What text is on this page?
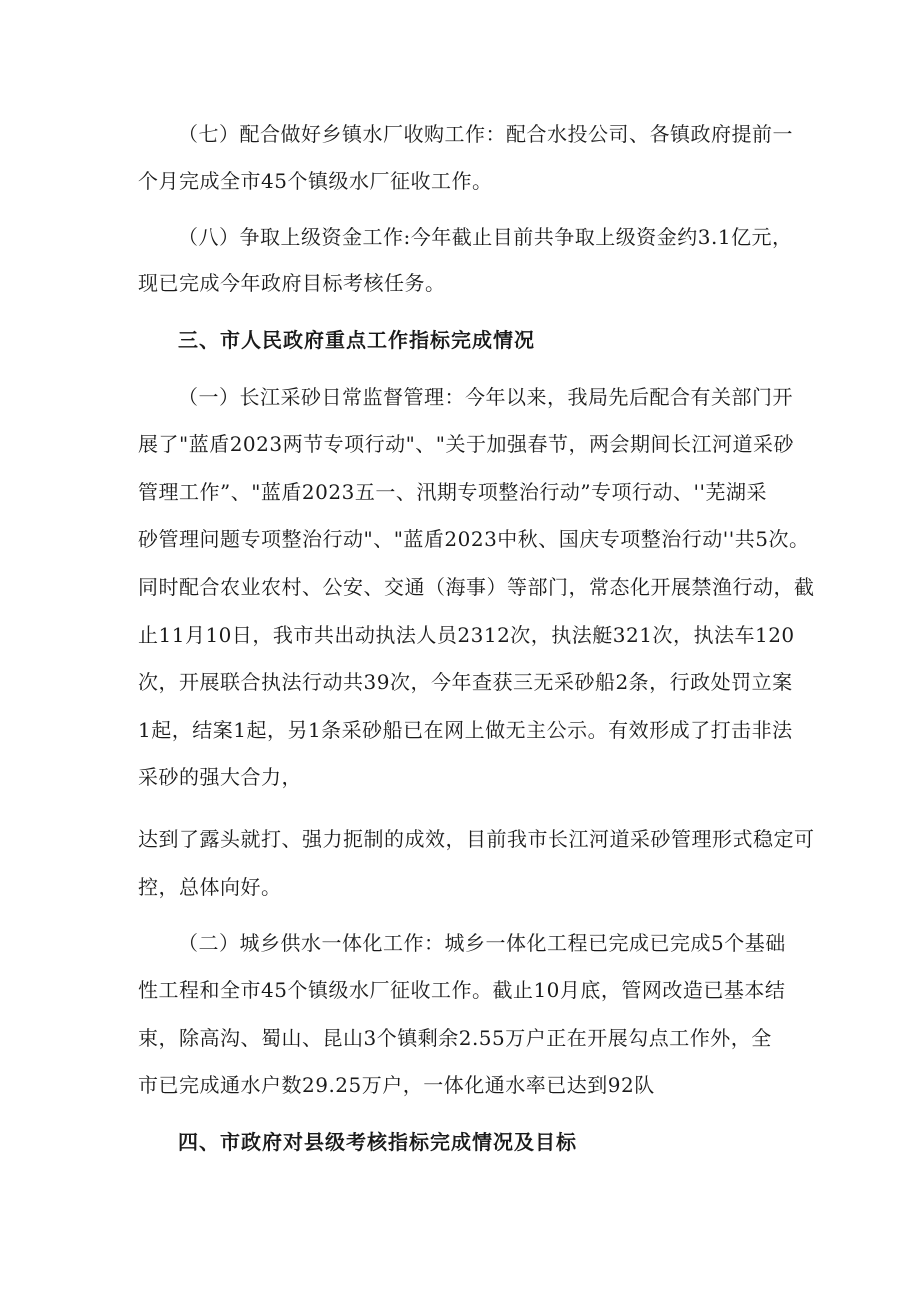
（七）配合做好乡镇水厂收购工作：配合水投公司、各镇政府提前一
个月完成全市45个镇级水厂征收工作。
（八）争取上级资金工作:今年截止目前共争取上级资金约3.1亿元，
现已完成今年政府目标考核任务。
三、市人民政府重点工作指标完成情况
（一）长江采砂日常监督管理：今年以来，我局先后配合有关部门开
展了"蓝盾2023两节专项行动"、"关于加强春节，两会期间长江河道采砂
管理工作”、"蓝盾2023五一、汛期专项整治行动”专项行动、''芜湖采
砂管理问题专项整治行动"、"蓝盾2023中秋、国庆专项整治行动''共5次。
同时配合农业农村、公安、交通（海事）等部门，常态化开展禁渔行动，截
止11月10日，我市共出动执法人员2312次，执法艇321次，执法车120
次，开展联合执法行动共39次，今年查获三无采砂船2条，行政处罚立案
1起，结案1起，另1条采砂船已在网上做无主公示。有效形成了打击非法
采砂的强大合力，
达到了露头就打、强力扼制的成效，目前我市长江河道采砂管理形式稳定可
控，总体向好。
（二）城乡供水一体化工作：城乡一体化工程已完成已完成5个基础
性工程和全市45个镇级水厂征收工作。截止10月底，管网改造已基本结
束，除高沟、蜀山、昆山3个镇剩余2.55万户正在开展勾点工作外，全
市已完成通水户数29.25万户，一体化通水率已达到92队
四、市政府对县级考核指标完成情况及目标
